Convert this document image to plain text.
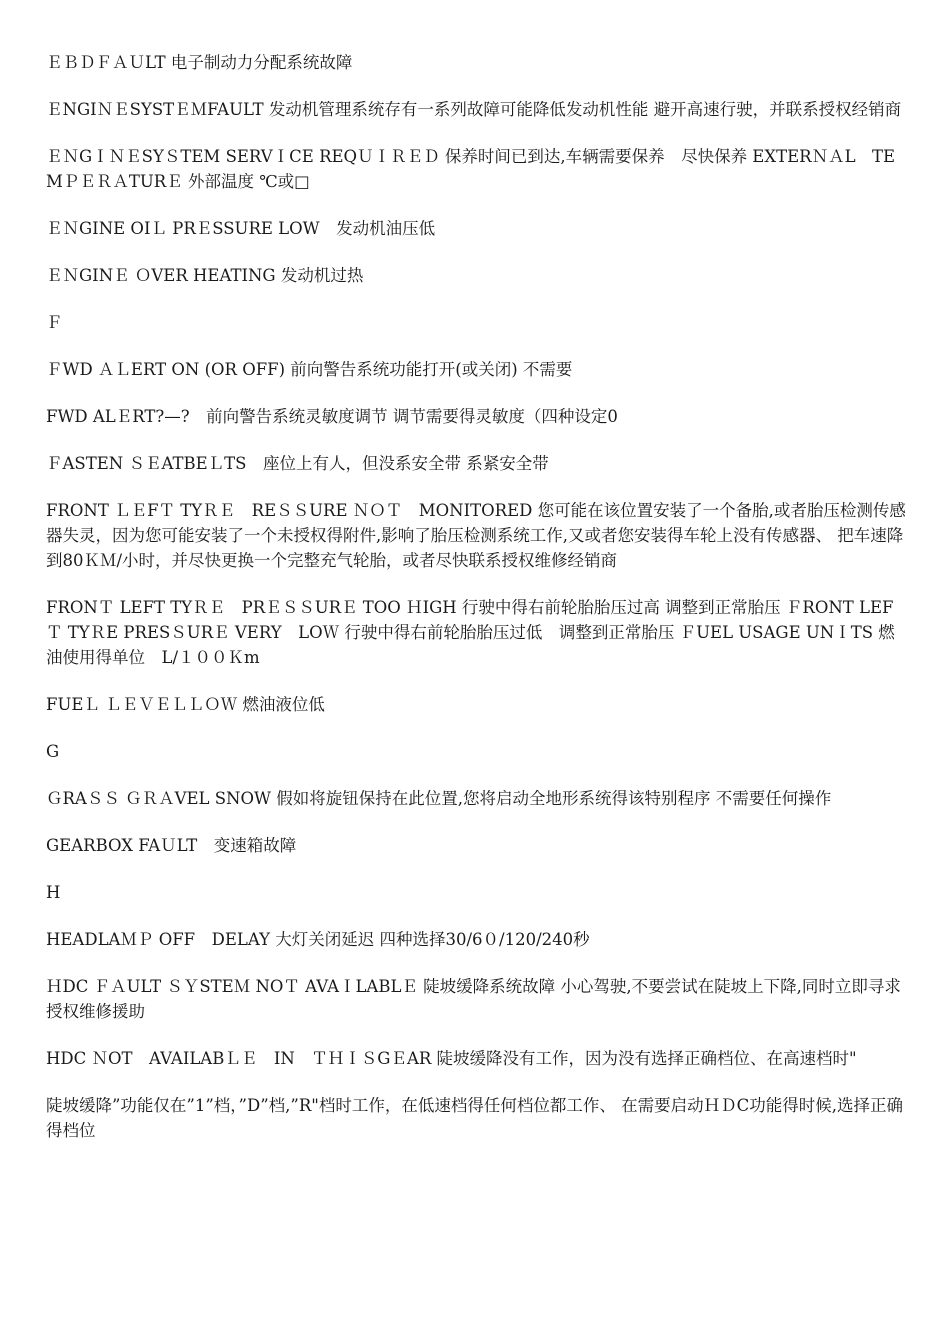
ＥＢＤＦＡＵLT 电子制动力分配系统故障

ＥNGIＮＥSYSTＥＭFAULT 发动机管理系统存有一系列故障可能降低发动机性能 避开高速行驶，并联系授权经销商

ＥＮGＩＮＥSYＳTEM SERVＩCE REQＵＩＲＥＤ 保养时间已到达,车辆需要保养　尽快保养 EXTERＮＡL　TEMＰＥＲＡTURＥ 外部温度 ℃或□

ＥＮGINE OIＬ PRＥSSURE LOW　发动机油压低

ＥＮGINＥ ＯVER HEATING 发动机过热

Ｆ

ＦWD ＡＬERT ON (OR OFF) 前向警告系统功能打开(或关闭) 不需要

FWD ALＥRT?—?　前向警告系统灵敏度调节 调节需要得灵敏度（四种设定0

ＦASTEN ＳＥATBEＬTS　座位上有人，但没系安全带 系紧安全带

FRONT ＬＥFＴ TYＲＥ　REＳＳURE ＮＯＴ　MONITORED 您可能在该位置安装了一个备胎,或者胎压检测传感器失灵，因为您可能安装了一个未授权得附件,影响了胎压检测系统工作,又或者您安装得车轮上没有传感器、 把车速降到80ＫＭ/小时，并尽快更换一个完整充气轮胎，或者尽快联系授权维修经销商

FRONＴ LEFT TYＲＥ　PRＥＳＳURＥ TOO ＨIGH 行驶中得右前轮胎胎压过高 调整到正常胎压 ＦRONT LEFＴ TYＲE PRESＳURＥ VERY　LOＷ 行驶中得右前轮胎胎压过低　调整到正常胎压 ＦUEL USAGE UNＩTS 燃油使用得单位　L/１００Ｋm

FUEＬ ＬＥＶＥＬＬＯＷ 燃油液位低

G

ＧRAＳＳ ＧＲＡVEL SNOW 假如将旋钮保持在此位置,您将启动全地形系统得该特别程序 不需要任何操作

GEARBOX FAＵLT　变速箱故障

H

HEADLAＭＰ OFF　DELAY 大灯关闭延迟 四种选择30/6０/120/240秒

ＨDC ＦＡULT ＳＹSTEＭ NOＴ AVAＩLABLＥ 陡坡缓降系统故障 小心驾驶,不要尝试在陡坡上下降,同时立即寻求授权维修援助

HDC ＮOT　AVAILABＬＥ　IN　ＴＨＩＳGＥAR 陡坡缓降没有工作，因为没有选择正确档位、在高速档时"

陡坡缓降”功能仅在”1”档，”D”档,”R"档时工作，在低速档得任何档位都工作、 在需要启动ＨＤC功能得时候,选择正确得档位
